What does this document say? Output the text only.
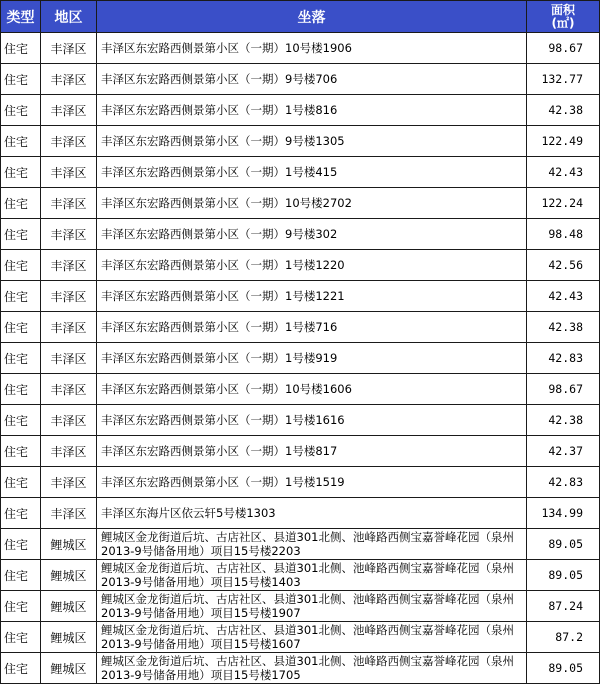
类型	地区	坐落	面积
(㎡)

住宅	丰泽区	丰泽区东宏路西侧景第小区（一期）10号楼1906	98.67
住宅	丰泽区	丰泽区东宏路西侧景第小区（一期）9号楼706	132.77
住宅	丰泽区	丰泽区东宏路西侧景第小区（一期）1号楼816	42.38
住宅	丰泽区	丰泽区东宏路西侧景第小区（一期）9号楼1305	122.49
住宅	丰泽区	丰泽区东宏路西侧景第小区（一期）1号楼415	42.43
住宅	丰泽区	丰泽区东宏路西侧景第小区（一期）10号楼2702	122.24
住宅	丰泽区	丰泽区东宏路西侧景第小区（一期）9号楼302	98.48
住宅	丰泽区	丰泽区东宏路西侧景第小区（一期）1号楼1220	42.56
住宅	丰泽区	丰泽区东宏路西侧景第小区（一期）1号楼1221	42.43
住宅	丰泽区	丰泽区东宏路西侧景第小区（一期）1号楼716	42.38
住宅	丰泽区	丰泽区东宏路西侧景第小区（一期）1号楼919	42.83
住宅	丰泽区	丰泽区东宏路西侧景第小区（一期）10号楼1606	98.67
住宅	丰泽区	丰泽区东宏路西侧景第小区（一期）1号楼1616	42.38
住宅	丰泽区	丰泽区东宏路西侧景第小区（一期）1号楼817	42.37
住宅	丰泽区	丰泽区东宏路西侧景第小区（一期）1号楼1519	42.83
住宅	丰泽区	丰泽区东海片区依云轩5号楼1303	134.99
住宅	鲤城区	鲤城区金龙街道后坑、古店社区、县道301北侧、池峰路西侧宝嘉誉峰花园（泉州2013-9号储备用地）项目15号楼2203	89.05
住宅	鲤城区	鲤城区金龙街道后坑、古店社区、县道301北侧、池峰路西侧宝嘉誉峰花园（泉州2013-9号储备用地）项目15号楼1403	89.05
住宅	鲤城区	鲤城区金龙街道后坑、古店社区、县道301北侧、池峰路西侧宝嘉誉峰花园（泉州2013-9号储备用地）项目15号楼1907	87.24
住宅	鲤城区	鲤城区金龙街道后坑、古店社区、县道301北侧、池峰路西侧宝嘉誉峰花园（泉州2013-9号储备用地）项目15号楼1607	87.2
住宅	鲤城区	鲤城区金龙街道后坑、古店社区、县道301北侧、池峰路西侧宝嘉誉峰花园（泉州2013-9号储备用地）项目15号楼1705	89.05
